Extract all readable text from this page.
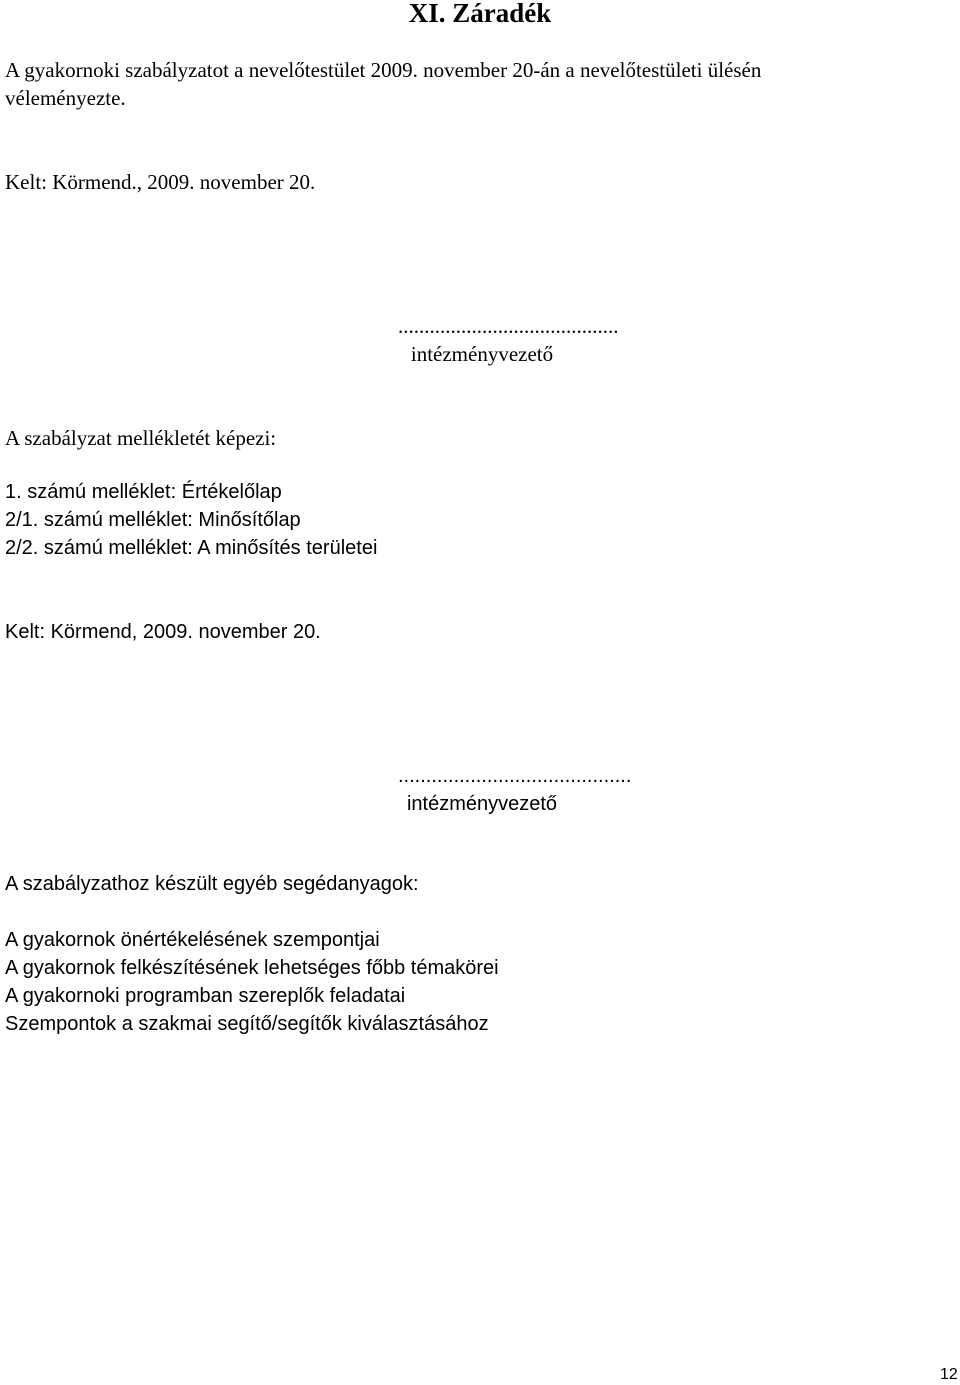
XI. Záradék
A gyakornoki szabályzatot a nevelőtestület 2009. november 20-án a nevelőtestületi ülésén
véleményezte.
Kelt: Körmend., 2009. november 20.
..........................................
intézményvezető
A szabályzat mellékletét képezi:
1. számú melléklet: Értékelőlap
2/1. számú melléklet: Minősítőlap
2/2. számú melléklet: A minősítés területei
Kelt: Körmend, 2009. november 20.
..........................................
intézményvezető
A szabályzathoz készült egyéb segédanyagok:
A gyakornok önértékelésének szempontjai
A gyakornok felkészítésének lehetséges főbb témakörei
A gyakornoki programban szereplők feladatai
Szempontok a szakmai segítő/segítők kiválasztásához
12
